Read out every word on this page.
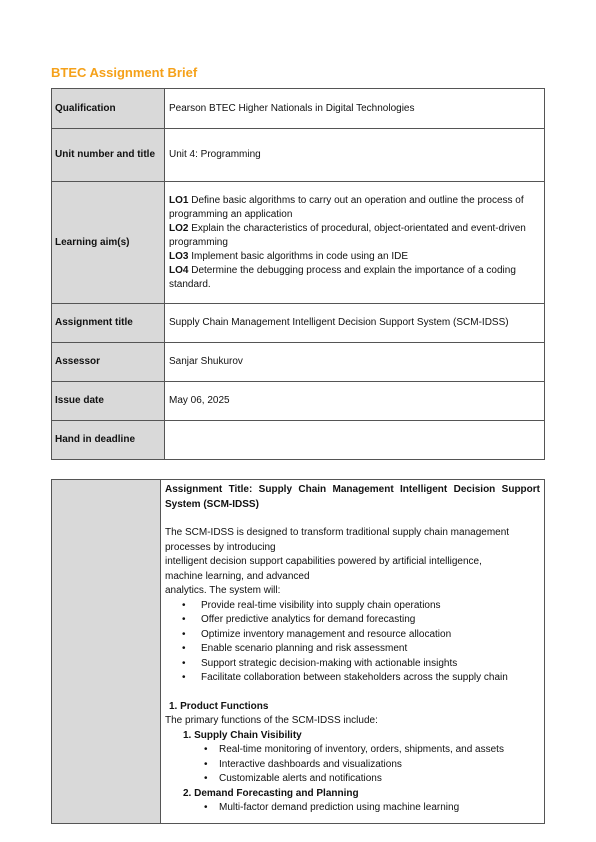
BTEC Assignment Brief
Qualification	Pearson BTEC Higher Nationals in Digital Technologies
Unit number and title	Unit 4: Programming
Learning aim(s)	LO1 Define basic algorithms to carry out an operation and outline the process of programming an application

LO2 Explain the characteristics of procedural, object-orientated and event-driven programming

LO3 Implement basic algorithms in code using an IDE

LO4 Determine the debugging process and explain the importance of a coding standard.

Assignment title	Supply Chain Management Intelligent Decision Support System (SCM-IDSS)
Assessor	Sanjar Shukurov
Issue date	May 06, 2025
Hand in deadline	

Assignment Title: Supply Chain Management Intelligent Decision Support System (SCM-IDSS)

The SCM-IDSS is designed to transform traditional supply chain management

processes by introducing

intelligent decision support capabilities powered by artificial intelligence,

machine learning, and advanced

analytics. The system will:

• Provide real-time visibility into supply chain operations
• Offer predictive analytics for demand forecasting
• Optimize inventory management and resource allocation
• Enable scenario planning and risk assessment
• Support strategic decision-making with actionable insights
• Facilitate collaboration between stakeholders across the supply chain

1. Product Functions

The primary functions of the SCM-IDSS include:

1. Supply Chain Visibility

• Real-time monitoring of inventory, orders, shipments, and assets
• Interactive dashboards and visualizations
• Customizable alerts and notifications

2. Demand Forecasting and Planning

• Multi-factor demand prediction using machine learning
